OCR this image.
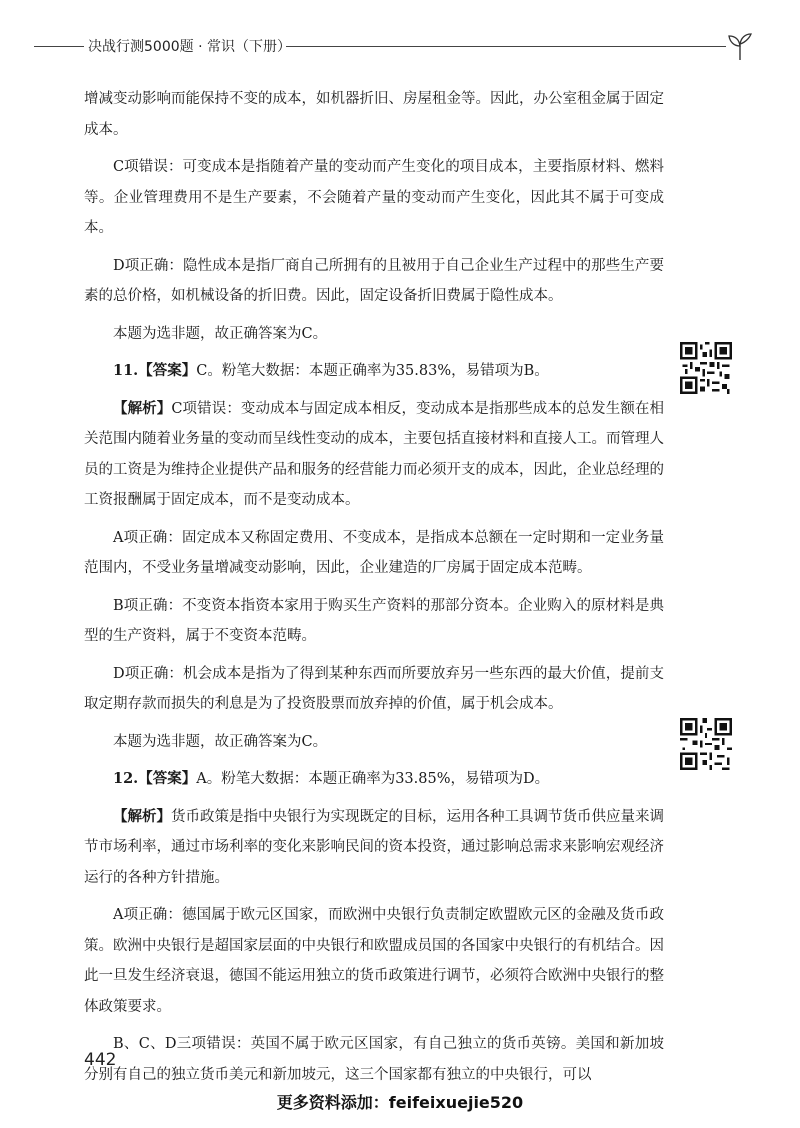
决战行测5000题 · 常识（下册）

增减变动影响而能保持不变的成本，如机器折旧、房屋租金等。因此，办公室租金属于固定成本。

C项错误：可变成本是指随着产量的变动而产生变化的项目成本，主要指原材料、燃料等。企业管理费用不是生产要素，不会随着产量的变动而产生变化，因此其不属于可变成本。

D项正确：隐性成本是指厂商自己所拥有的且被用于自己企业生产过程中的那些生产要素的总价格，如机械设备的折旧费。因此，固定设备折旧费属于隐性成本。

本题为选非题，故正确答案为C。

11.【答案】C。粉笔大数据：本题正确率为35.83%，易错项为B。

【解析】C项错误：变动成本与固定成本相反，变动成本是指那些成本的总发生额在相关范围内随着业务量的变动而呈线性变动的成本，主要包括直接材料和直接人工。而管理人员的工资是为维持企业提供产品和服务的经营能力而必须开支的成本，因此，企业总经理的工资报酬属于固定成本，而不是变动成本。

A项正确：固定成本又称固定费用、不变成本，是指成本总额在一定时期和一定业务量范围内，不受业务量增减变动影响，因此，企业建造的厂房属于固定成本范畴。

B项正确：不变资本指资本家用于购买生产资料的那部分资本。企业购入的原材料是典型的生产资料，属于不变资本范畴。

D项正确：机会成本是指为了得到某种东西而所要放弃另一些东西的最大价值，提前支取定期存款而损失的利息是为了投资股票而放弃掉的价值，属于机会成本。

本题为选非题，故正确答案为C。

12.【答案】A。粉笔大数据：本题正确率为33.85%，易错项为D。

【解析】货币政策是指中央银行为实现既定的目标，运用各种工具调节货币供应量来调节市场利率，通过市场利率的变化来影响民间的资本投资，通过影响总需求来影响宏观经济运行的各种方针措施。

A项正确：德国属于欧元区国家，而欧洲中央银行负责制定欧盟欧元区的金融及货币政策。欧洲中央银行是超国家层面的中央银行和欧盟成员国的各国家中央银行的有机结合。因此一旦发生经济衰退，德国不能运用独立的货币政策进行调节，必须符合欧洲中央银行的整体政策要求。

B、C、D三项错误：英国不属于欧元区国家，有自己独立的货币英镑。美国和新加坡分别有自己的独立货币美元和新加坡元，这三个国家都有独立的中央银行，可以

442
更多资料添加：feifeixuejie520
